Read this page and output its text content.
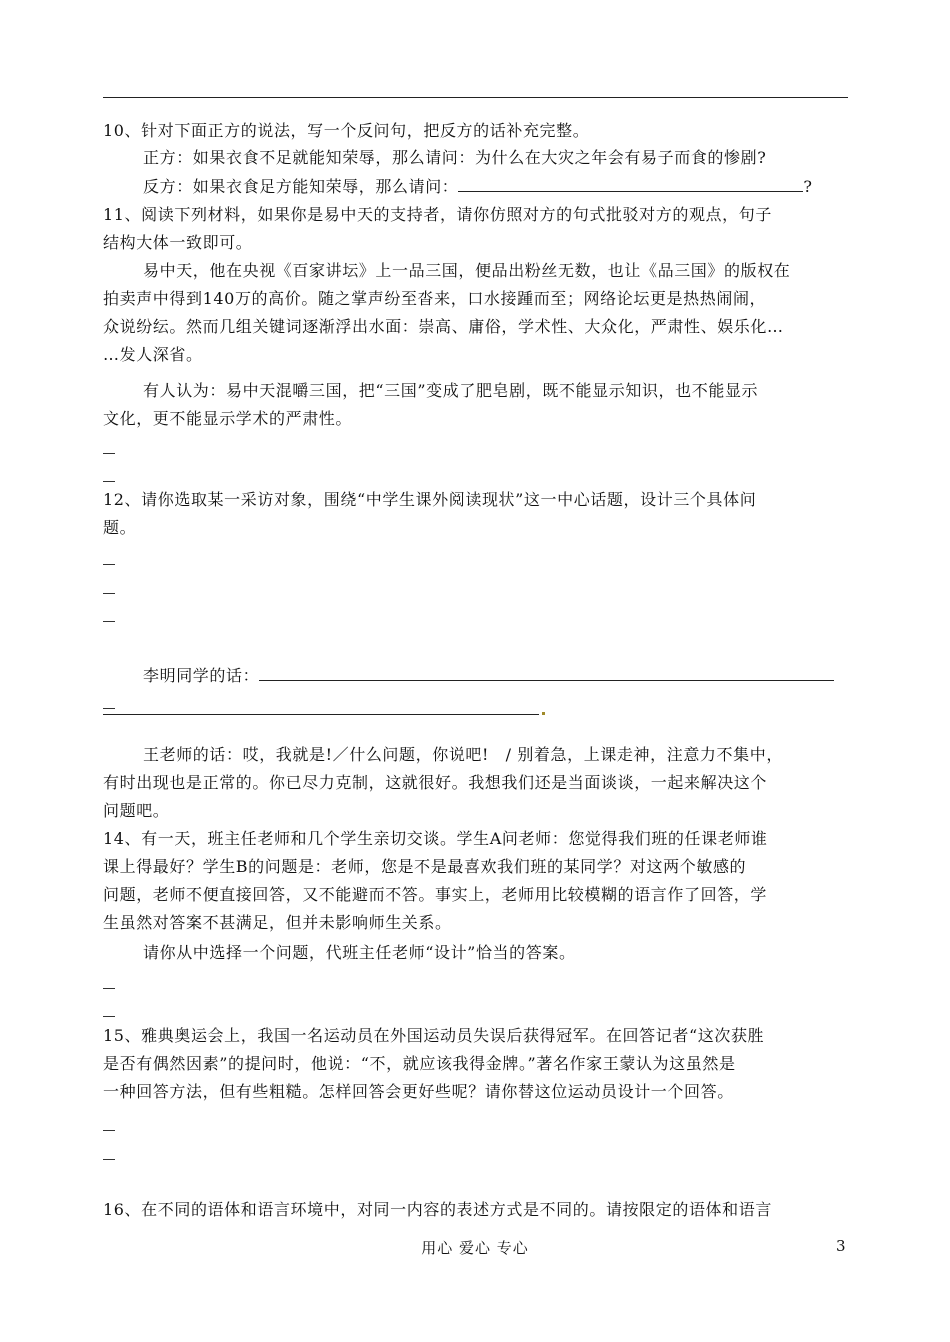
10、针对下面正方的说法，写一个反问句，把反方的话补充完整。
正方：如果衣食不足就能知荣辱，那么请问：为什么在大灾之年会有易子而食的惨剧?
反方：如果衣食足方能知荣辱，那么请问：	?
11、阅读下列材料，如果你是易中天的支持者，请你仿照对方的句式批驳对方的观点，句子
结构大体一致即可。
易中天，他在央视《百家讲坛》上一品三国，便品出粉丝无数，也让《品三国》的版权在
拍卖声中得到140万的高价。随之掌声纷至沓来，口水接踵而至；网络论坛更是热热闹闹，
众说纷纭。然而几组关键词逐渐浮出水面：崇高、庸俗，学术性、大众化，严肃性、娱乐化…
…发人深省。
有人认为：易中天混嚼三国，把“三国”变成了肥皂剧，既不能显示知识，也不能显示
文化，更不能显示学术的严肃性。
12、请你选取某一采访对象，围绕“中学生课外阅读现状”这一中心话题，设计三个具体问
题。
李明同学的话：
王老师的话：哎，我就是!／什么问题，你说吧!　/ 别着急，上课走神，注意力不集中，
有时出现也是正常的。你已尽力克制，这就很好。我想我们还是当面谈谈，一起来解决这个
问题吧。
14、有一天，班主任老师和几个学生亲切交谈。学生A问老师：您觉得我们班的任课老师谁
课上得最好？学生B的问题是：老师，您是不是最喜欢我们班的某同学？对这两个敏感的
问题，老师不便直接回答，又不能避而不答。事实上，老师用比较模糊的语言作了回答，学
生虽然对答案不甚满足，但并未影响师生关系。
请你从中选择一个问题，代班主任老师“设计”恰当的答案。
15、雅典奥运会上，我国一名运动员在外国运动员失误后获得冠军。在回答记者“这次获胜
是否有偶然因素”的提问时，他说：“不，就应该我得金牌。”著名作家王蒙认为这虽然是
一种回答方法，但有些粗糙。怎样回答会更好些呢？请你替这位运动员设计一个回答。
16、在不同的语体和语言环境中，对同一内容的表述方式是不同的。请按限定的语体和语言
用心 爱心 专心	3
